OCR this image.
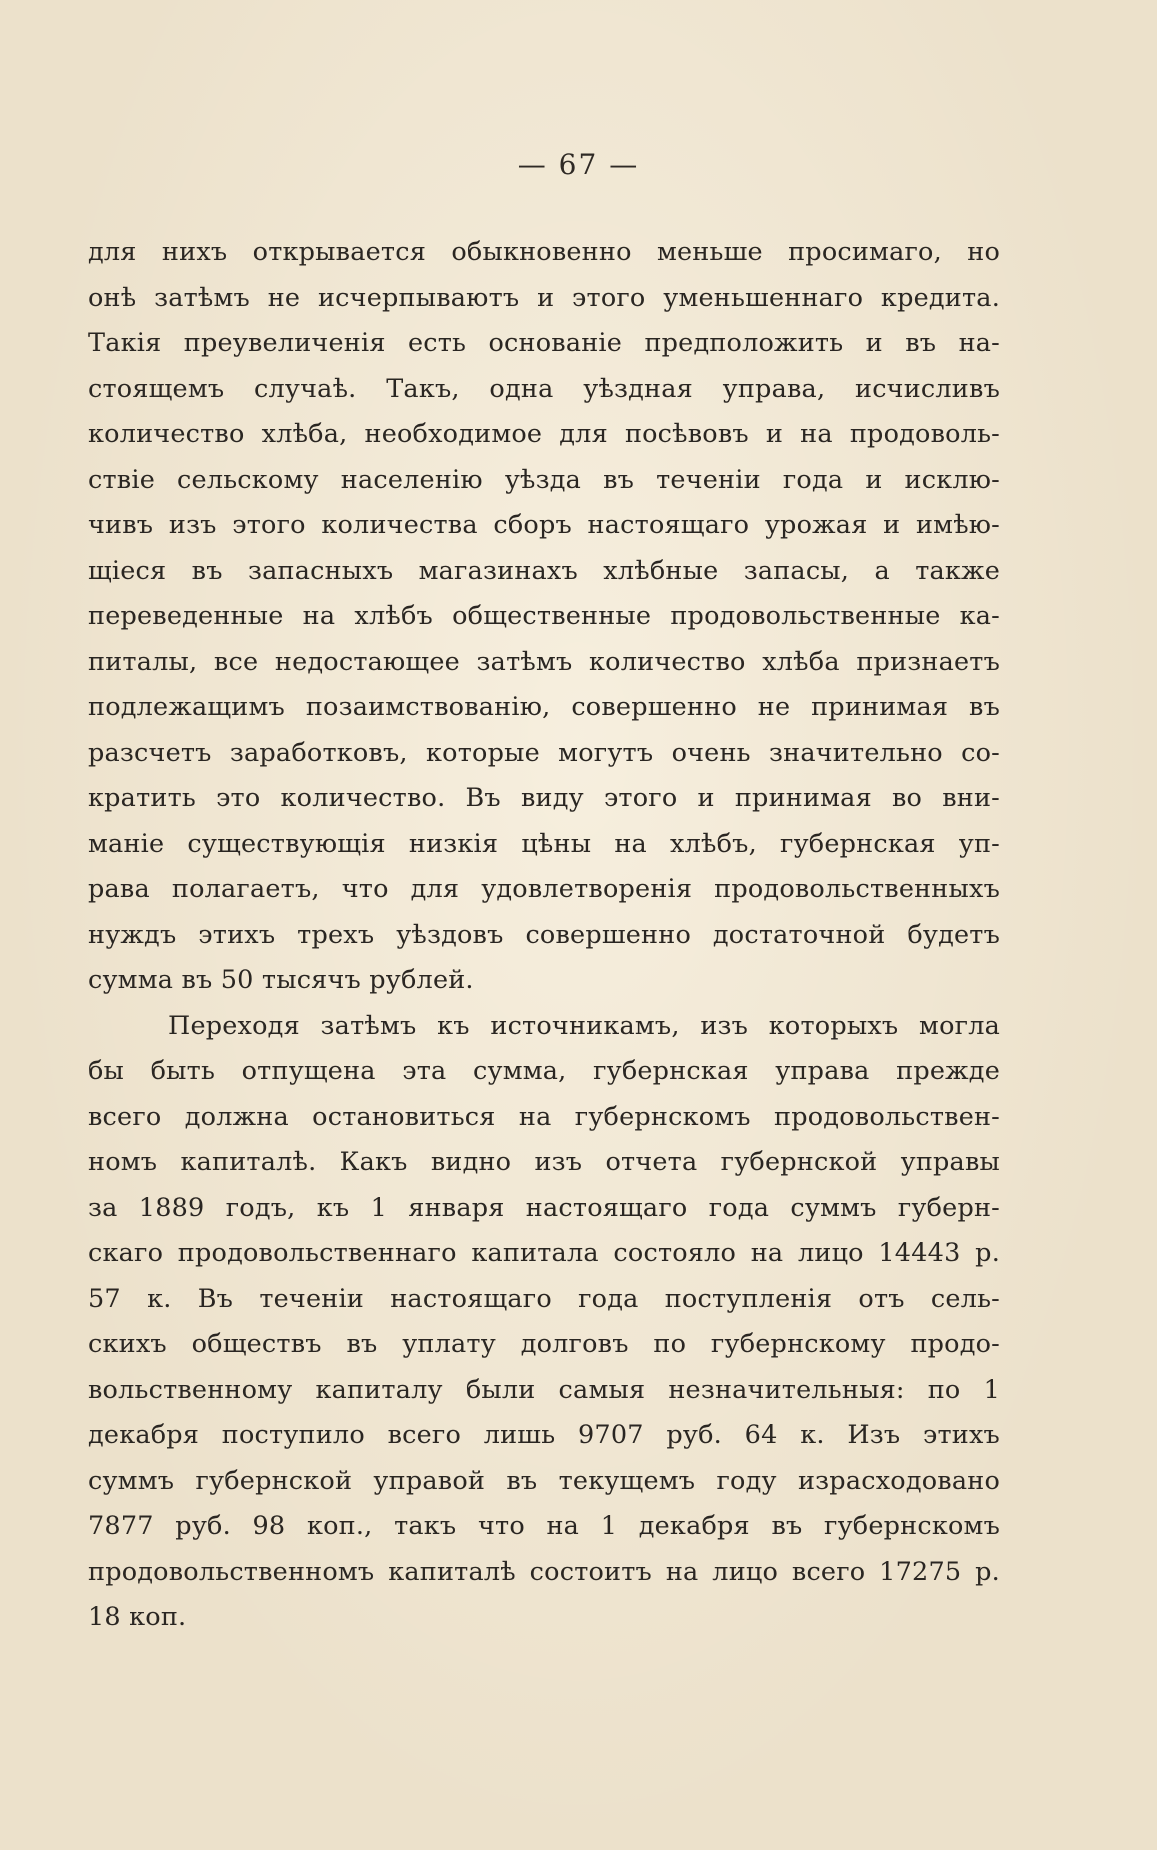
— 67 —
для нихъ открывается обыкновенно меньше просимаго, но
онѣ затѣмъ не исчерпываютъ и этого уменьшеннаго кредита.
Такія преувеличенія есть основаніе предположить и въ на-
стоящемъ случаѣ. Такъ, одна уѣздная управа, исчисливъ
количество хлѣба, необходимое для посѣвовъ и на продоволь-
ствіе сельскому населенію уѣзда въ теченіи года и исклю-
чивъ изъ этого количества сборъ настоящаго урожая и имѣю-
щіеся въ запасныхъ магазинахъ хлѣбные запасы, а также
переведенные на хлѣбъ общественные продовольственные ка-
питалы, все недостающее затѣмъ количество хлѣба признаетъ
подлежащимъ позаимствованію, совершенно не принимая въ
разсчетъ заработковъ, которые могутъ очень значительно со-
кратить это количество. Въ виду этого и принимая во вни-
маніе существующія низкія цѣны на хлѣбъ, губернская уп-
рава полагаетъ, что для удовлетворенія продовольственныхъ
нуждъ этихъ трехъ уѣздовъ совершенно достаточной будетъ
сумма въ 50 тысячъ рублей.
Переходя затѣмъ къ источникамъ, изъ которыхъ могла
бы быть отпущена эта сумма, губернская управа прежде
всего должна остановиться на губернскомъ продовольствен-
номъ капиталѣ. Какъ видно изъ отчета губернской управы
за 1889 годъ, къ 1 января настоящаго года суммъ губерн-
скаго продовольственнаго капитала состояло на лицо 14443 р.
57 к. Въ теченіи настоящаго года поступленія отъ сель-
скихъ обществъ въ уплату долговъ по губернскому продо-
вольственному капиталу были самыя незначительныя: по 1
декабря поступило всего лишь 9707 руб. 64 к. Изъ этихъ
суммъ губернской управой въ текущемъ году израсходовано
7877 руб. 98 коп., такъ что на 1 декабря въ губернскомъ
продовольственномъ капиталѣ состоитъ на лицо всего 17275 р.
18 коп.
